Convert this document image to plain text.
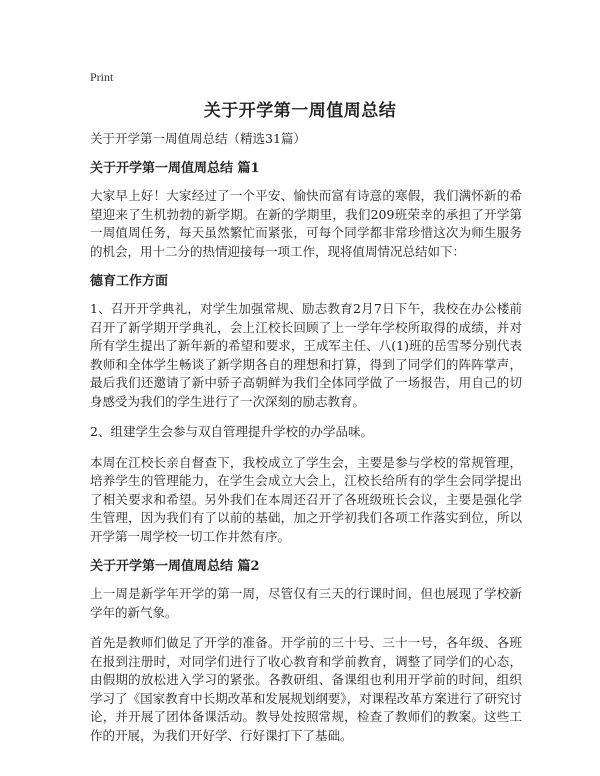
Print
关于开学第一周值周总结
关于开学第一周值周总结（精选31篇）
关于开学第一周值周总结 篇1

大家早上好！大家经过了一个平安、愉快而富有诗意的寒假，我们满怀新的希望迎来了生机勃勃的新学期。在新的学期里，我们209班荣幸的承担了开学第一周值周任务，每天虽然繁忙而紧张，可每个同学都非常珍惜这次为师生服务的机会，用十二分的热情迎接每一项工作，现将值周情况总结如下：

德育工作方面

1、召开开学典礼，对学生加强常规、励志教育2月7日下午，我校在办公楼前召开了新学期开学典礼，会上江校长回顾了上一学年学校所取得的成绩，并对所有学生提出了新年新的希望和要求，王成军主任、八(1)班的岳雪琴分别代表教师和全体学生畅谈了新学期各自的理想和打算，得到了同学们的阵阵掌声，最后我们还邀请了新中骄子高朝鲜为我们全体同学做了一场报告，用自己的切身感受为我们的学生进行了一次深刻的励志教育。

2、组建学生会参与双自管理提升学校的办学品味。

本周在江校长亲自督查下，我校成立了学生会，主要是参与学校的常规管理，培养学生的管理能力，在学生会成立大会上，江校长给所有的学生会同学提出了相关要求和希望。另外我们在本周还召开了各班级班长会议，主要是强化学生管理，因为我们有了以前的基础，加之开学初我们各项工作落实到位，所以开学第一周学校一切工作井然有序。

关于开学第一周值周总结 篇2

上一周是新学年开学的第一周，尽管仅有三天的行课时间，但也展现了学校新学年的新气象。

首先是教师们做足了开学的准备。开学前的三十号、三十一号，各年级、各班在报到注册时，对同学们进行了收心教育和学前教育，调整了同学们的心态，由假期的放松进入学习的紧张。各教研组、备课组也利用开学前的时间，组织学习了《国家教育中长期改革和发展规划纲要》，对课程改革方案进行了研究讨论，并开展了团体备课活动。教导处按照常规，检查了教师们的教案。这些工作的开展，为我们开好学、行好课打下了基础。
